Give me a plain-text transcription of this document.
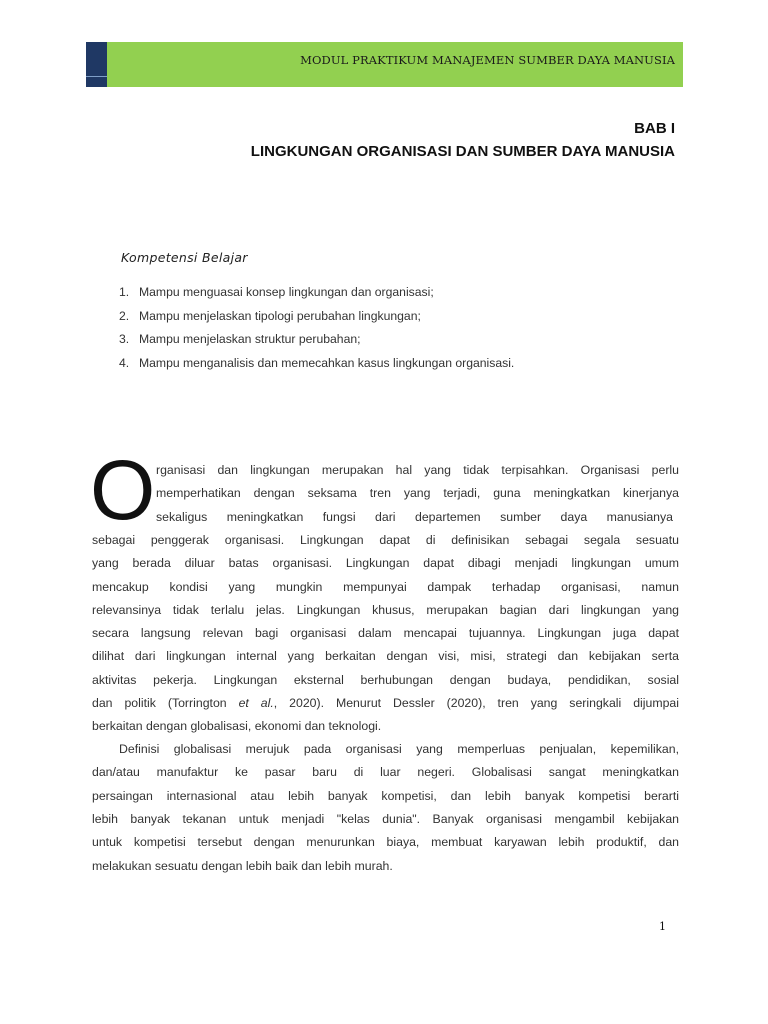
MODUL PRAKTIKUM MANAJEMEN SUMBER DAYA MANUSIA
BAB I
LINGKUNGAN ORGANISASI DAN SUMBER DAYA MANUSIA
Kompetensi Belajar
1. Mampu menguasai konsep lingkungan dan organisasi;
2. Mampu menjelaskan tipologi perubahan lingkungan;
3. Mampu menjelaskan struktur perubahan;
4. Mampu menganalisis dan memecahkan kasus lingkungan organisasi.
O rganisasi dan lingkungan merupakan hal yang tidak terpisahkan. Organisasi perlu
memperhatikan dengan seksama tren yang terjadi, guna meningkatkan kinerjanya
sekaligus meningkatkan fungsi dari departemen sumber daya manusianya
sebagai penggerak organisasi. Lingkungan dapat di definisikan sebagai segala sesuatu
yang berada diluar batas organisasi. Lingkungan dapat dibagi menjadi lingkungan umum
mencakup kondisi yang mungkin mempunyai dampak terhadap organisasi, namun
relevansinya tidak terlalu jelas. Lingkungan khusus, merupakan bagian dari lingkungan yang
secara langsung relevan bagi organisasi dalam mencapai tujuannya. Lingkungan juga dapat
dilihat dari lingkungan internal yang berkaitan dengan visi, misi, strategi dan kebijakan serta
aktivitas pekerja. Lingkungan eksternal berhubungan dengan budaya, pendidikan, sosial
dan politik (Torrington et al., 2020). Menurut Dessler (2020), tren yang seringkali dijumpai
berkaitan dengan globalisasi, ekonomi dan teknologi.
Definisi globalisasi merujuk pada organisasi yang memperluas penjualan, kepemilikan,
dan/atau manufaktur ke pasar baru di luar negeri. Globalisasi sangat meningkatkan
persaingan internasional atau lebih banyak kompetisi, dan lebih banyak kompetisi berarti
lebih banyak tekanan untuk menjadi "kelas dunia". Banyak organisasi mengambil kebijakan
untuk kompetisi tersebut dengan menurunkan biaya, membuat karyawan lebih produktif, dan
melakukan sesuatu dengan lebih baik dan lebih murah.
1
